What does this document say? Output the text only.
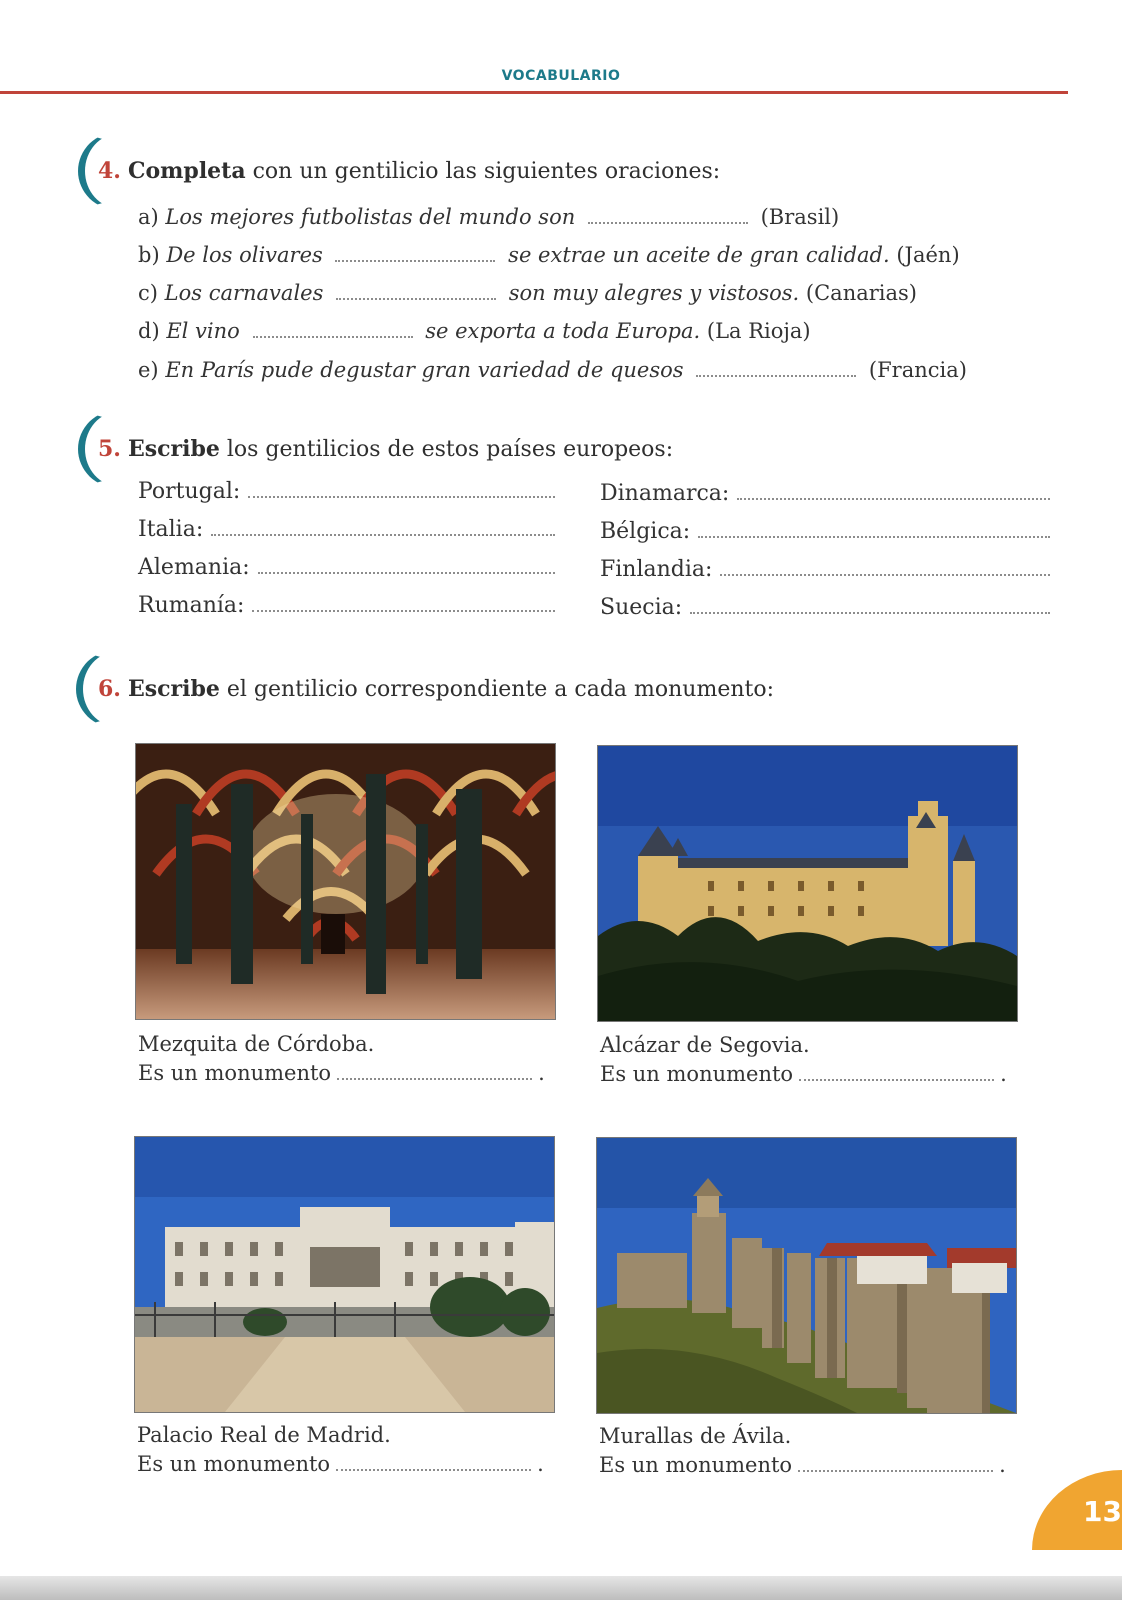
VOCABULARIO
4. Completa con un gentilicio las siguientes oraciones:
a) Los mejores futbolistas del mundo son	(Brasil)
b) De los olivares	se extrae un aceite de gran calidad. (Jaén)
c) Los carnavales	son muy alegres y vistosos. (Canarias)
d) El vino	se exporta a toda Europa. (La Rioja)
e) En París pude degustar gran variedad de quesos	(Francia)
5. Escribe los gentilicios de estos países europeos:
Portugal:
Italia:
Alemania:
Rumanía:
Dinamarca:
Bélgica:
Finlandia:
Suecia:
6. Escribe el gentilicio correspondiente a cada monumento:
Mezquita de Córdoba.
Es un monumento	.
Alcázar de Segovia.
Es un monumento	.
Palacio Real de Madrid.
Es un monumento	.
Murallas de Ávila.
Es un monumento	.
13
